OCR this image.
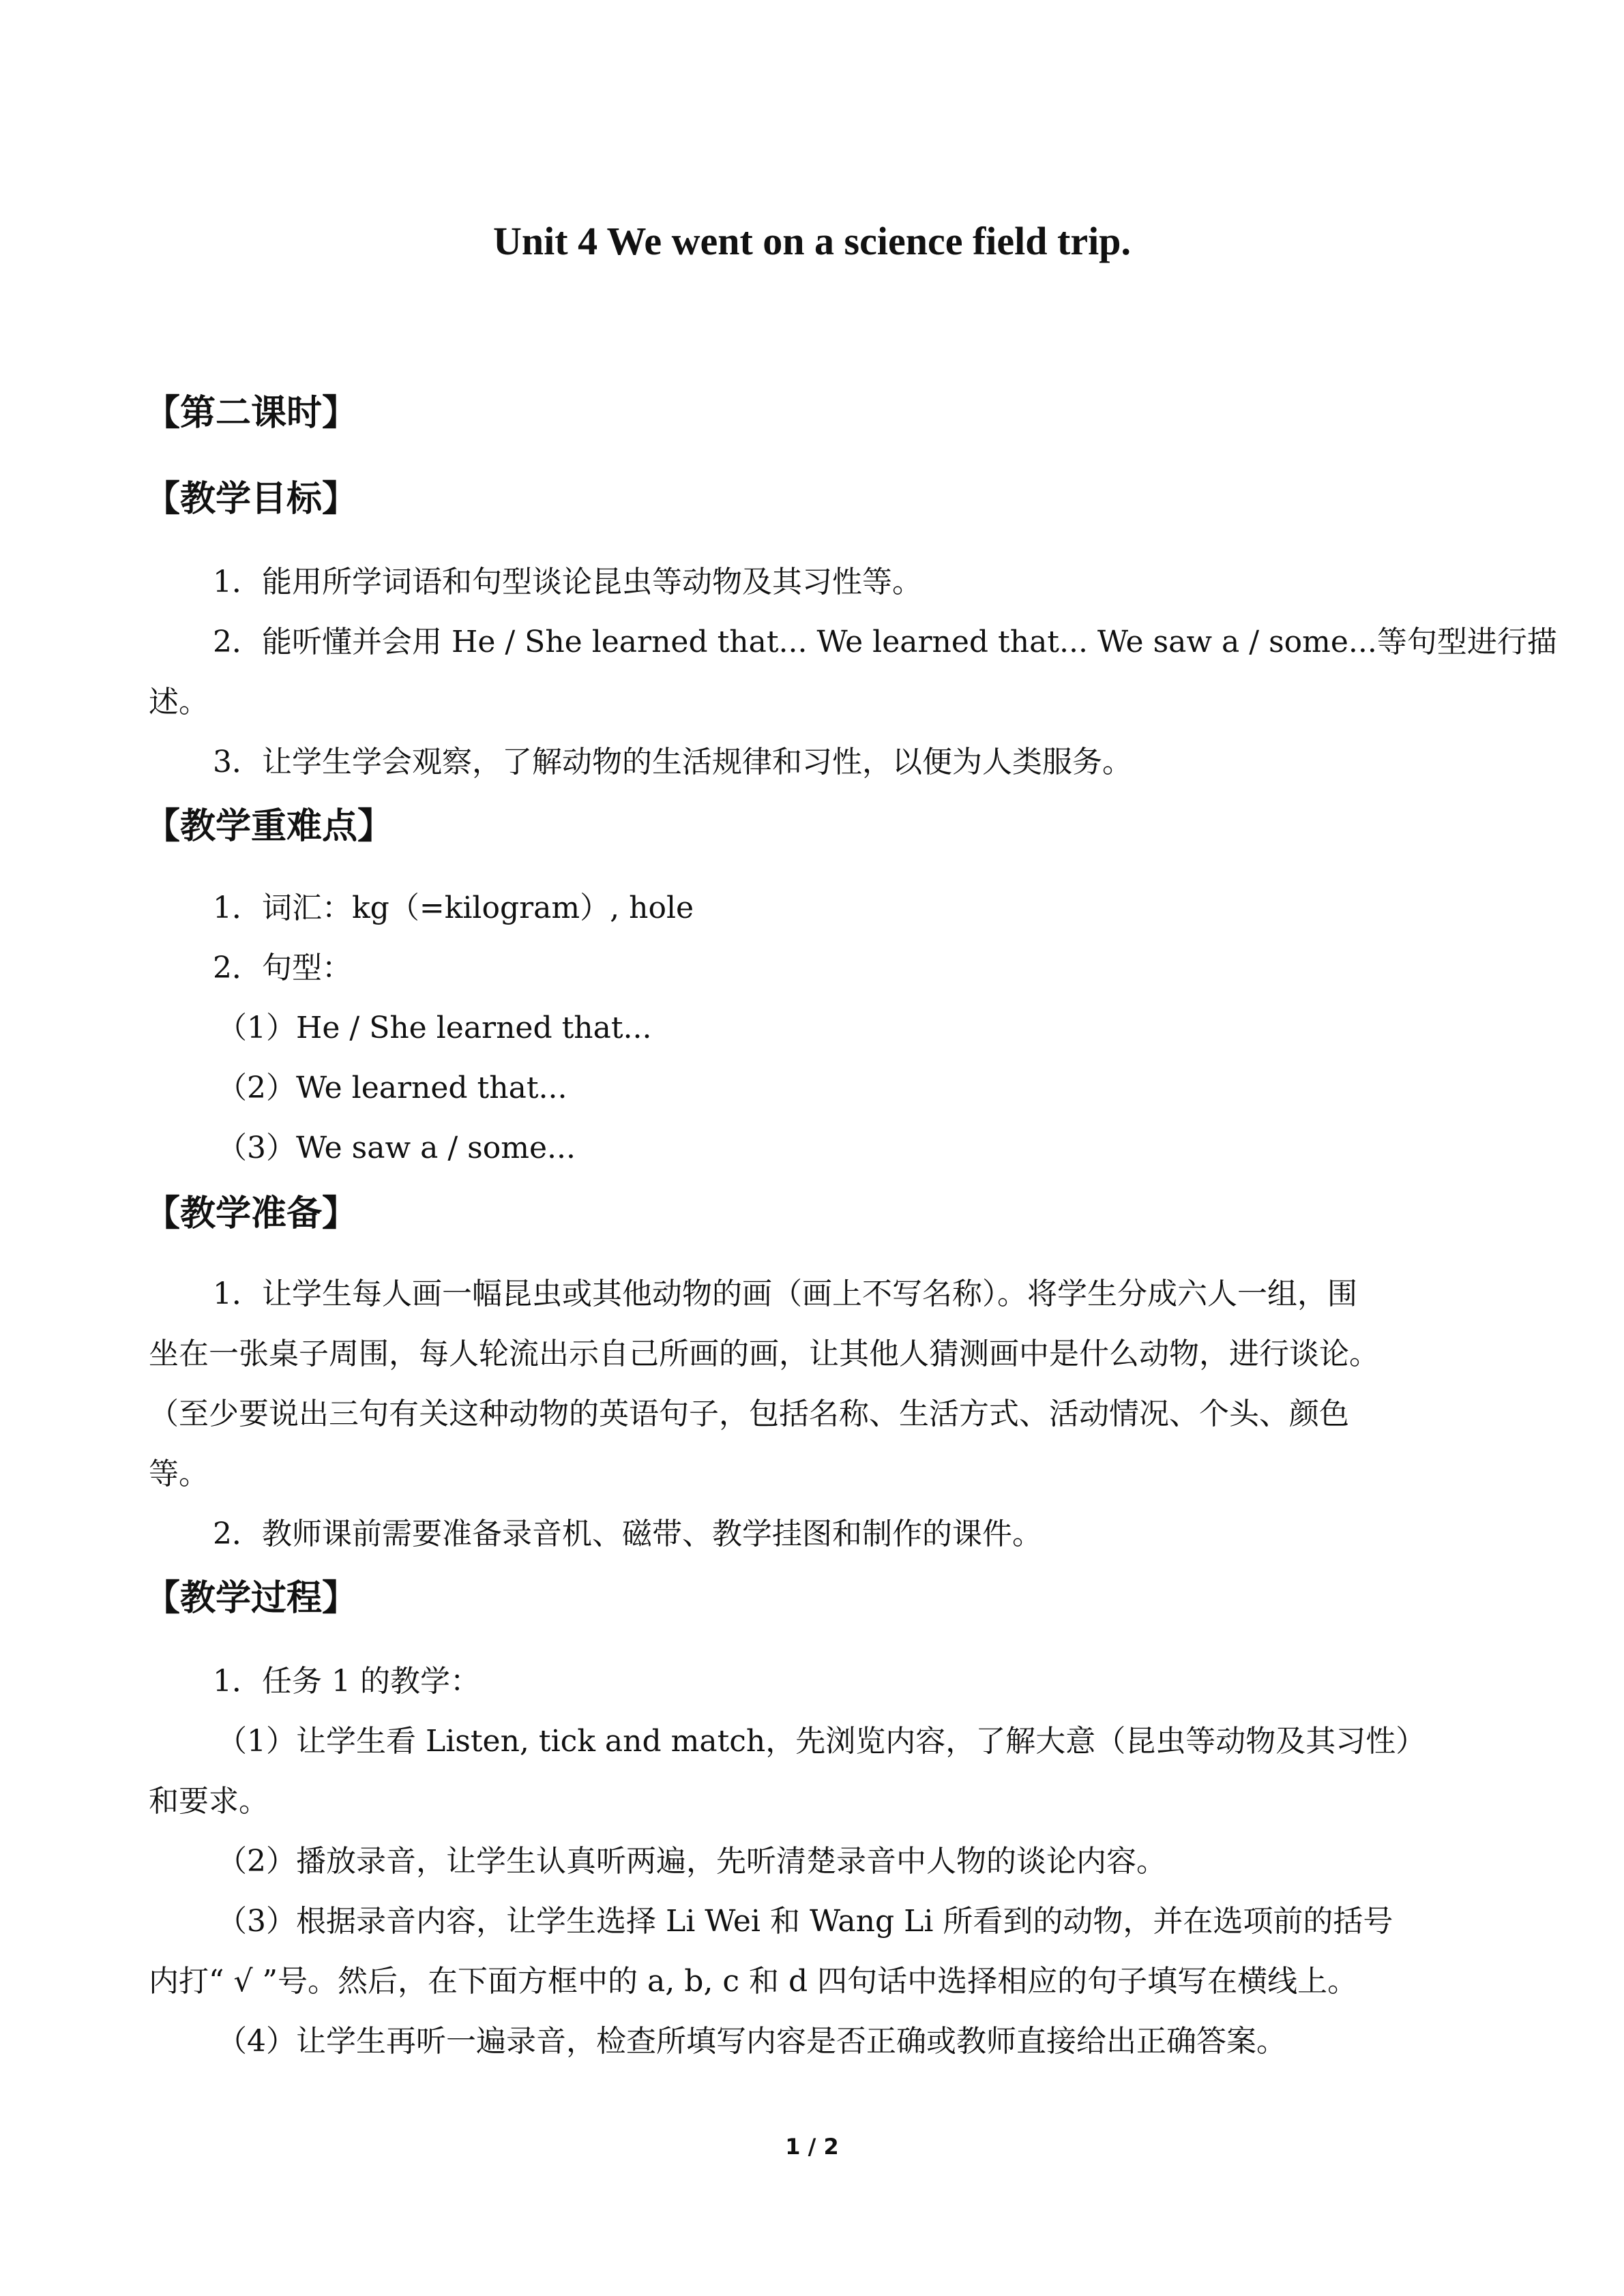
Unit 4 We went on a science field trip.
【第二课时】
【教学目标】
1．能用所学词语和句型谈论昆虫等动物及其习性等。
2．能听懂并会用 He / She learned that... We learned that... We saw a / some...等句型进行描
述。
3．让学生学会观察，了解动物的生活规律和习性，以便为人类服务。
【教学重难点】
1．词汇：kg（=kilogram）, hole
2．句型：
（1）He / She learned that...
（2）We learned that...
（3）We saw a / some...
【教学准备】
1．让学生每人画一幅昆虫或其他动物的画（画上不写名称）。将学生分成六人一组，围
坐在一张桌子周围，每人轮流出示自己所画的画，让其他人猜测画中是什么动物，进行谈论。
（至少要说出三句有关这种动物的英语句子，包括名称、生活方式、活动情况、个头、颜色
等。
2．教师课前需要准备录音机、磁带、教学挂图和制作的课件。
【教学过程】
1．任务 1 的教学：
（1）让学生看 Listen, tick and match，先浏览内容，了解大意（昆虫等动物及其习性）
和要求。
（2）播放录音，让学生认真听两遍，先听清楚录音中人物的谈论内容。
（3）根据录音内容，让学生选择 Li Wei 和 Wang Li 所看到的动物，并在选项前的括号
内打“ √ ”号。然后，在下面方框中的 a, b, c 和 d 四句话中选择相应的句子填写在横线上。
（4）让学生再听一遍录音，检查所填写内容是否正确或教师直接给出正确答案。
1 / 2
